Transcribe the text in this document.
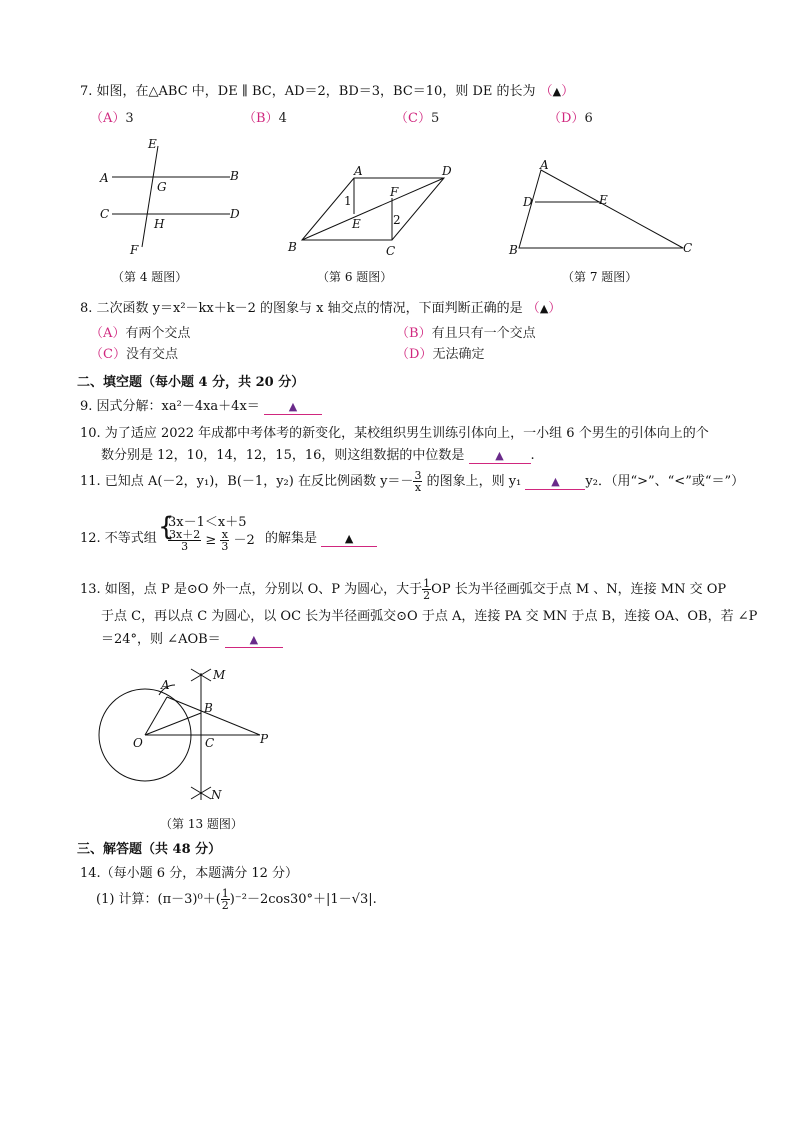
7. 如图，在△ABC 中，DE ∥ BC，AD＝2，BD＝3，BC＝10，则 DE 的长为 （▲）
（A）3	（B）4	（C）5	（D）6
E
A	B
G
C	D
H
F
（第 4 题图）
A	D
F
1
2
E
B	C
（第 6 题图）
A
D	E
B	C
（第 7 题图）
8. 二次函数 y＝x²－kx＋k－2 的图象与 x 轴交点的情况，下面判断正确的是 （▲）
（A）有两个交点	（B）有且只有一个交点
（C）没有交点	（D）无法确定
二、填空题（每小题 4 分，共 20 分）
9. 因式分解：xa²－4xa＋4x＝	▲
10. 为了适应 2022 年成都中考体考的新变化，某校组织男生训练引体向上，一小组 6 个男生的引体向上的个
数分别是 12，10，14，12，15，16，则这组数据的中位数是	▲ .
11. 已知点 A(－2，y₁)，B(－1，y₂) 在反比例函数 $y=- \frac{3}{x}$ 的图象上，则 y₁	▲ y₂．（用“>”、“<”或“＝”）
12. 不等式组 {
3x－1＜x＋5
$\frac{3x+2}{3} \ge \frac{x}{3} -2$ 的解集是	▲
13. 如图，点 P 是⊙O 外一点，分别以 O、P 为圆心，大于 $\frac{1}{2}$ OP 长为半径画弧交于点 M 、N，连接 MN 交 OP
于点 C，再以点 C 为圆心，以 OC 长为半径画弧交⊙O 于点 A，连接 PA 交 MN 于点 B，连接 OA、OB，若 ∠P
＝24°，则 ∠AOB＝	▲
A
M
B
O	C	P
N
（第 13 题图）
三、解答题（共 48 分）
14.（每小题 6 分，本题满分 12 分）
(1) 计算：$(\pi-3)^0+( \frac{1}{2} )^{-2}-2\cos 30^\circ+|1-√3|$.
